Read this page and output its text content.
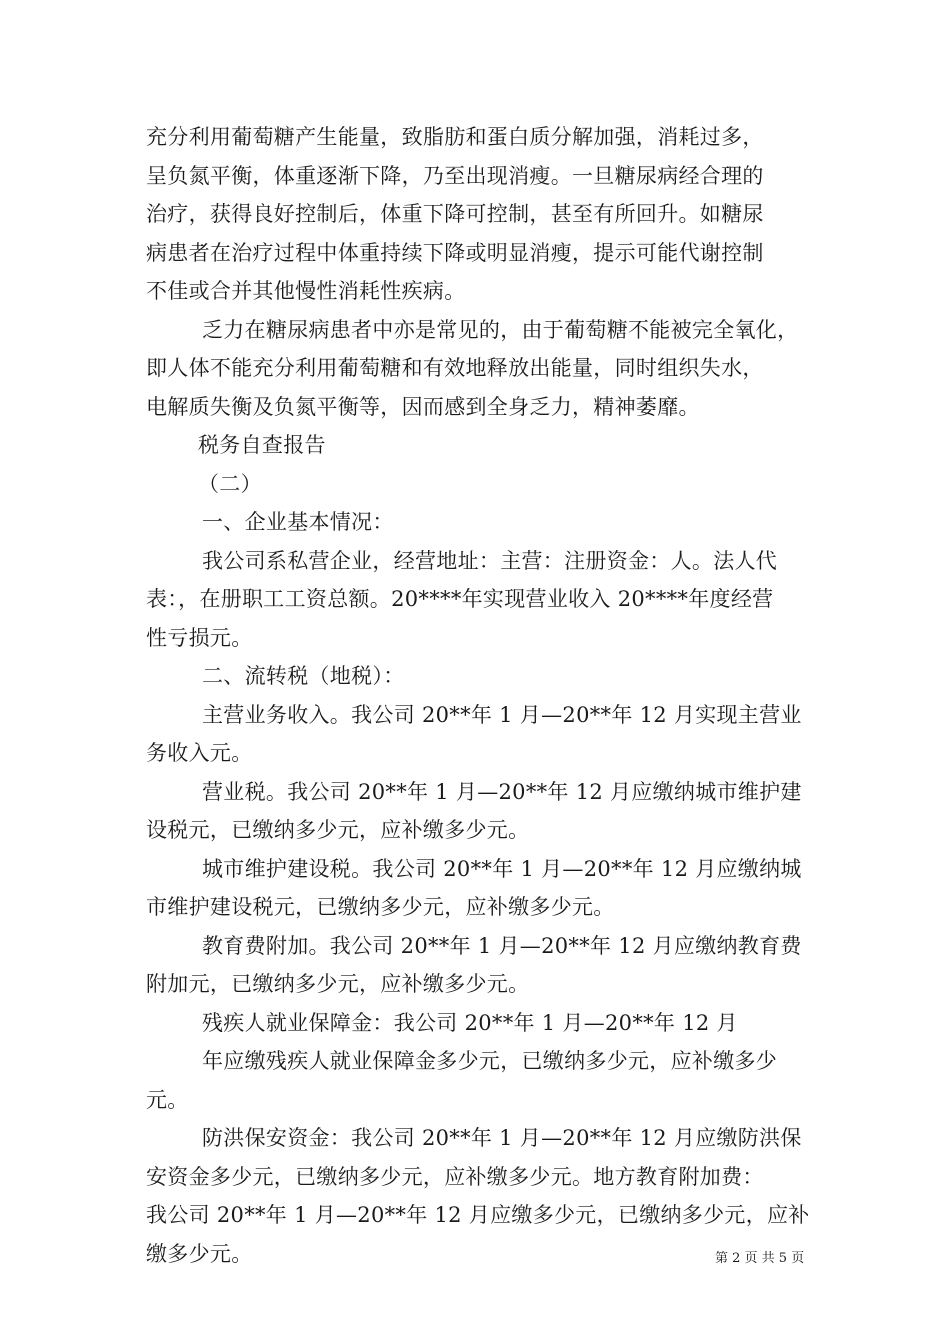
充分利用葡萄糖产生能量，致脂肪和蛋白质分解加强，消耗过多，
呈负氮平衡，体重逐渐下降，乃至出现消瘦。一旦糖尿病经合理的
治疗，获得良好控制后，体重下降可控制，甚至有所回升。如糖尿
病患者在治疗过程中体重持续下降或明显消瘦，提示可能代谢控制
不佳或合并其他慢性消耗性疾病。
乏力在糖尿病患者中亦是常见的，由于葡萄糖不能被完全氧化，
即人体不能充分利用葡萄糖和有效地释放出能量，同时组织失水，
电解质失衡及负氮平衡等，因而感到全身乏力，精神萎靡。
税务自查报告
（二）
一、企业基本情况：
我公司系私营企业，经营地址：主营：注册资金：人。法人代
表：，在册职工工资总额。20****年实现营业收入 20****年度经营
性亏损元。
二、流转税（地税）：
主营业务收入。我公司 20**年 1 月—20**年 12 月实现主营业
务收入元。
营业税。我公司 20**年 1 月—20**年 12 月应缴纳城市维护建
设税元，已缴纳多少元，应补缴多少元。
城市维护建设税。我公司 20**年 1 月—20**年 12 月应缴纳城
市维护建设税元，已缴纳多少元，应补缴多少元。
教育费附加。我公司 20**年 1 月—20**年 12 月应缴纳教育费
附加元，已缴纳多少元，应补缴多少元。
残疾人就业保障金：我公司 20**年 1 月—20**年 12 月
年应缴残疾人就业保障金多少元，已缴纳多少元，应补缴多少
元。
防洪保安资金：我公司 20**年 1 月—20**年 12 月应缴防洪保
安资金多少元，已缴纳多少元，应补缴多少元。地方教育附加费：
我公司 20**年 1 月—20**年 12 月应缴多少元，已缴纳多少元，应补
缴多少元。	第 2 页 共 5 页
